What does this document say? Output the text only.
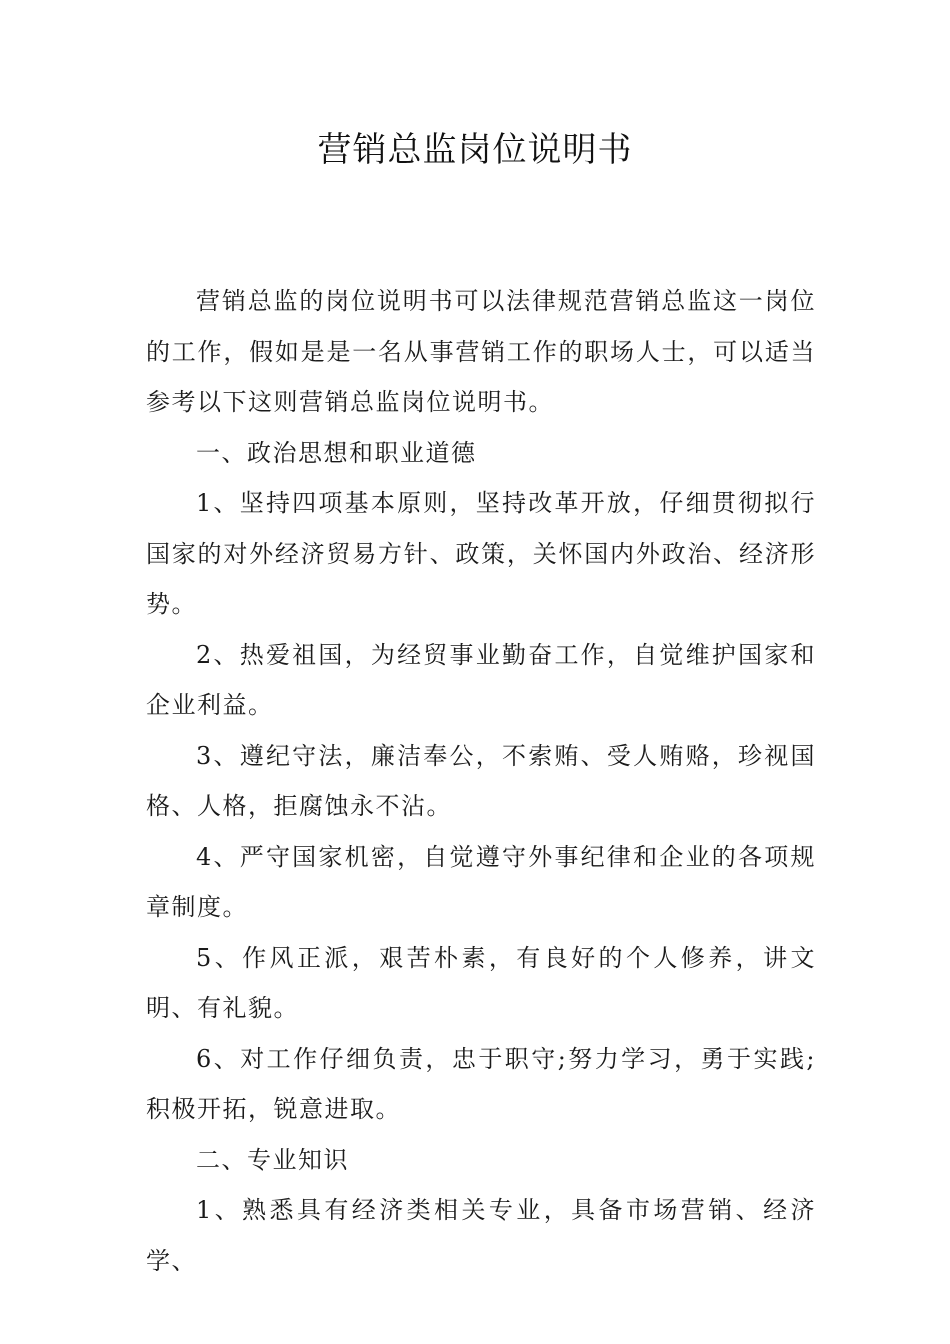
营销总监岗位说明书

营销总监的岗位说明书可以法律规范营销总监这一岗位的工作，假如是是一名从事营销工作的职场人士，可以适当参考以下这则营销总监岗位说明书。

一、政治思想和职业道德

1、坚持四项基本原则，坚持改革开放，仔细贯彻拟行国家的对外经济贸易方针、政策，关怀国内外政治、经济形势。

2、热爱祖国，为经贸事业勤奋工作，自觉维护国家和企业利益。

3、遵纪守法，廉洁奉公，不索贿、受人贿赂，珍视国格、人格，拒腐蚀永不沾。

4、严守国家机密，自觉遵守外事纪律和企业的各项规章制度。

5、作风正派，艰苦朴素，有良好的个人修养，讲文明、有礼貌。

6、对工作仔细负责，忠于职守;努力学习，勇于实践;积极开拓，锐意进取。

二、专业知识

1、熟悉具有经济类相关专业，具备市场营销、经济学、
